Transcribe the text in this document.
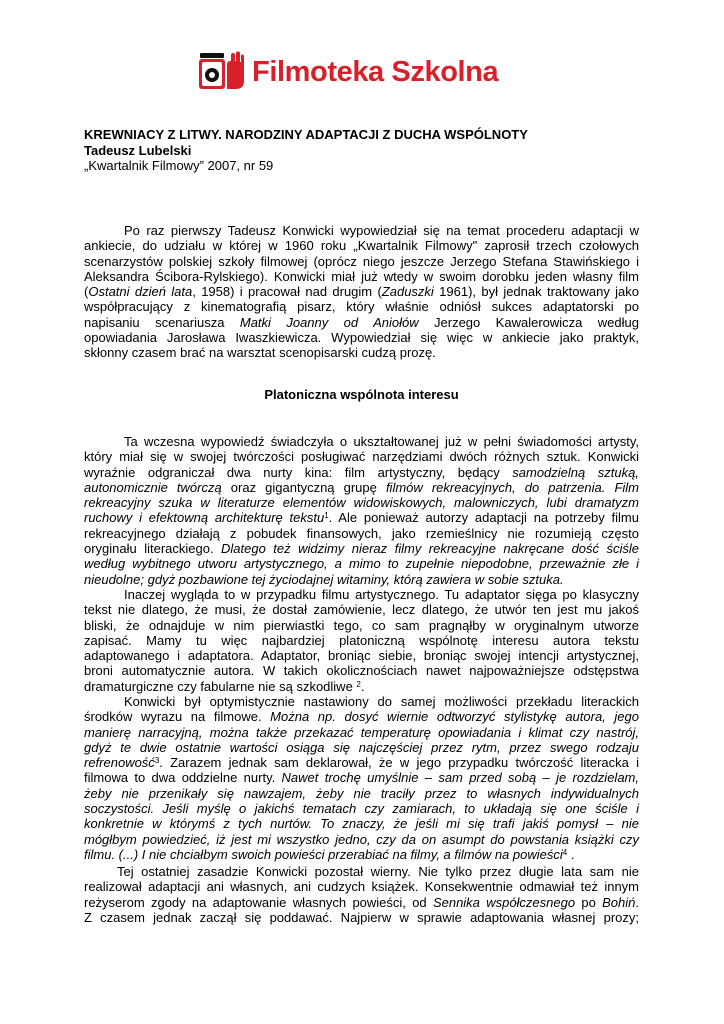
Filmoteka Szkolna
KREWNIACY Z LITWY. NARODZINY ADAPTACJI Z DUCHA WSPÓLNOTY
Tadeusz Lubelski
„Kwartalnik Filmowy” 2007, nr 59

Po raz pierwszy Tadeusz Konwicki wypowiedział się na temat procederu adaptacji w

ankiecie, do udziału w której w 1960 roku „Kwartalnik Filmowy" zaprosił trzech czołowych

scenarzystów polskiej szkoły filmowej (oprócz niego jeszcze Jerzego Stefana Stawińskiego i

Aleksandra Ścibora-Rylskiego). Konwicki miał już wtedy w swoim dorobku jeden własny film

(Ostatni dzień lata, 1958) i pracował nad drugim (Zaduszki 1961), był jednak traktowany jako

współpracujący z kinematografią pisarz, który właśnie odniósł sukces adaptatorski po

napisaniu scenariusza Matki Joanny od Aniołów Jerzego Kawalerowicza według

opowiadania Jarosława Iwaszkiewicza. Wypowiedział się więc w ankiecie jako praktyk,

skłonny czasem brać na warsztat scenopisarski cudzą prozę.

Platoniczna wspólnota interesu

Ta wczesna wypowiedź świadczyła o ukształtowanej już w pełni świadomości artysty,

który miał się w swojej twórczości posługiwać narzędziami dwóch różnych sztuk. Konwicki

wyraźnie odgraniczał dwa nurty kina: film artystyczny, będący samodzielną sztuką,

autonomicznie twórczą oraz gigantyczną grupę filmów rekreacyjnych, do patrzenia. Film

rekreacyjny szuka w literaturze elementów widowiskowych, malowniczych, lubi dramatyzm

ruchowy i efektowną architekturę tekstu$^1$. Ale ponieważ autorzy adaptacji na potrzeby filmu

rekreacyjnego działają z pobudek finansowych, jako rzemieślnicy nie rozumieją często

oryginału literackiego. Dlatego też widzimy nieraz filmy rekreacyjne nakręcane dość ściśle

według wybitnego utworu artystycznego, a mimo to zupełnie niepodobne, przeważnie złe i

nieudolne; gdyż pozbawione tej życiodajnej witaminy, którą zawiera w sobie sztuka.

Inaczej wygląda to w przypadku filmu artystycznego. Tu adaptator sięga po klasyczny

tekst nie dlatego, że musi, że dostał zamówienie, lecz dlatego, że utwór ten jest mu jakoś

bliski, że odnajduje w nim pierwiastki tego, co sam pragnąłby w oryginalnym utworze

zapisać. Mamy tu więc najbardziej platoniczną wspólnotę interesu autora tekstu

adaptowanego i adaptatora. Adaptator, broniąc siebie, broniąc swojej intencji artystycznej,

broni automatycznie autora. W takich okolicznościach nawet najpoważniejsze odstępstwa

dramaturgiczne czy fabularne nie są szkodliwe $^2$.

Konwicki był optymistycznie nastawiony do samej możliwości przekładu literackich

środków wyrazu na filmowe. Można np. dosyć wiernie odtworzyć stylistykę autora, jego

manierę narracyjną, można także przekazać temperaturę opowiadania i klimat czy nastrój,

gdyż te dwie ostatnie wartości osiąga się najczęściej przez rytm, przez swego rodzaju

refrenowość$^3$. Zarazem jednak sam deklarował, że w jego przypadku twórczość literacka i

filmowa to dwa oddzielne nurty. Nawet trochę umyślnie – sam przed sobą – je rozdzielam,

żeby nie przenikały się nawzajem, żeby nie traciły przez to własnych indywidualnych

soczystości. Jeśli myślę o jakichś tematach czy zamiarach, to układają się one ściśle i

konkretnie w którymś z tych nurtów. To znaczy, że jeśli mi się trafi jakiś pomysł – nie

mógłbym powiedzieć, iż jest mi wszystko jedno, czy da on asumpt do powstania książki czy

filmu. (...) I nie chciałbym swoich powieści przerabiać na filmy, a filmów na powieści$^4$ .

Tej ostatniej zasadzie Konwicki pozostał wierny. Nie tylko przez długie lata sam nie

realizował adaptacji ani własnych, ani cudzych książek. Konsekwentnie odmawiał też innym

reżyserom zgody na adaptowanie własnych powieści, od Sennika współczesnego po Bohiń.

Z czasem jednak zaczął się poddawać. Najpierw w sprawie adaptowania własnej prozy;
